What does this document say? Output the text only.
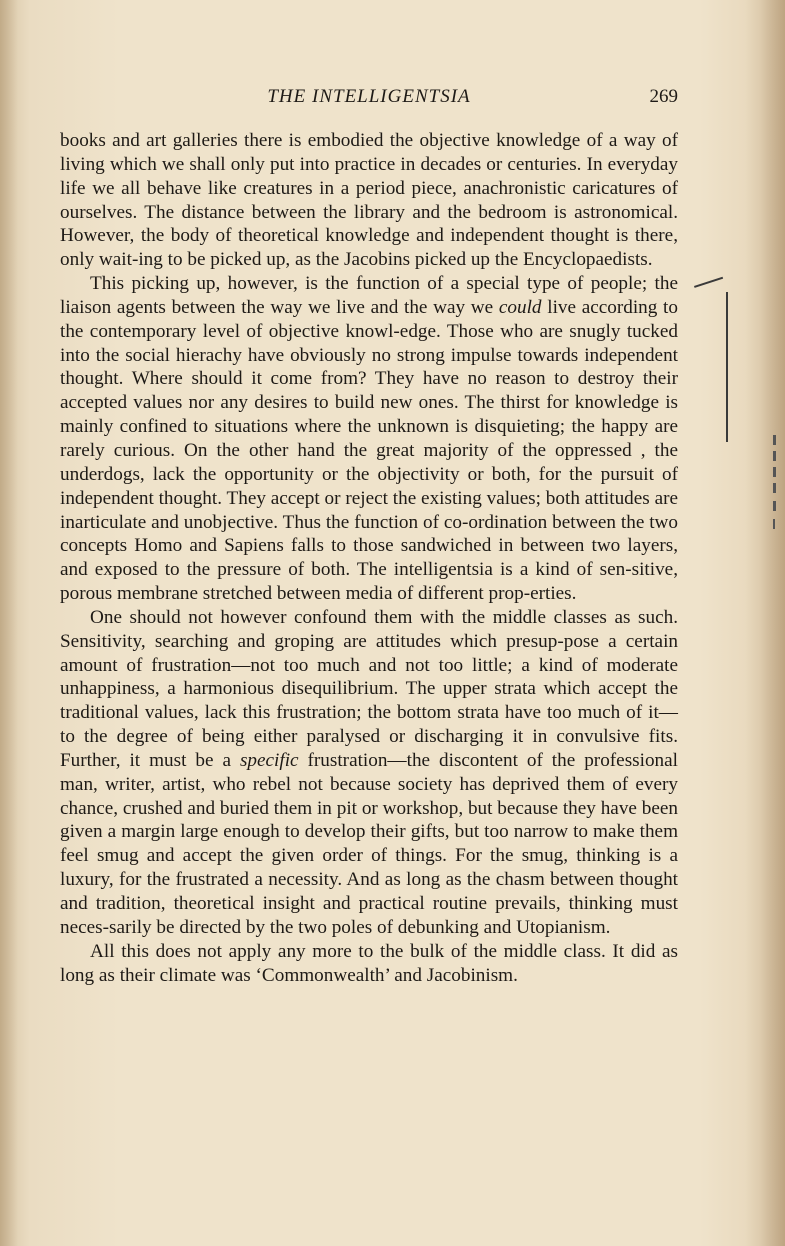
THE INTELLIGENTSIA	269

books and art galleries there is embodied the objective knowledge of a way of living which we shall only put into practice in decades or centuries. In everyday life we all behave like creatures in a period piece, anachronistic caricatures of ourselves. The distance between the library and the bedroom is astronomical. However, the body of theoretical knowledge and independent thought is there, only wait-ing to be picked up, as the Jacobins picked up the Encyclopaedists.

This picking up, however, is the function of a special type of people; the liaison agents between the way we live and the way we could live according to the contemporary level of objective knowl-edge. Those who are snugly tucked into the social hierachy have obviously no strong impulse towards independent thought. Where should it come from? They have no reason to destroy their accepted values nor any desires to build new ones. The thirst for knowledge is mainly confined to situations where the unknown is disquieting; the happy are rarely curious. On the other hand the great majority of the oppressed , the underdogs, lack the opportunity or the objectivity or both, for the pursuit of independent thought. They accept or reject the existing values; both attitudes are inarticulate and unobjective. Thus the function of co-ordination between the two concepts Homo and Sapiens falls to those sandwiched in between two layers, and exposed to the pressure of both. The intelligentsia is a kind of sen-sitive, porous membrane stretched between media of different prop-erties.

One should not however confound them with the middle classes as such. Sensitivity, searching and groping are attitudes which presup-pose a certain amount of frustration—not too much and not too little; a kind of moderate unhappiness, a harmonious disequilibrium. The upper strata which accept the traditional values, lack this frustration; the bottom strata have too much of it—to the degree of being either paralysed or discharging it in convulsive fits. Further, it must be a specific frustration—the discontent of the professional man, writer, artist, who rebel not because society has deprived them of every chance, crushed and buried them in pit or workshop, but because they have been given a margin large enough to develop their gifts, but too narrow to make them feel smug and accept the given order of things. For the smug, thinking is a luxury, for the frustrated a necessity. And as long as the chasm between thought and tradition, theoretical insight and practical routine prevails, thinking must neces-sarily be directed by the two poles of debunking and Utopianism.

All this does not apply any more to the bulk of the middle class. It did as long as their climate was ‘Commonwealth’ and Jacobinism.
